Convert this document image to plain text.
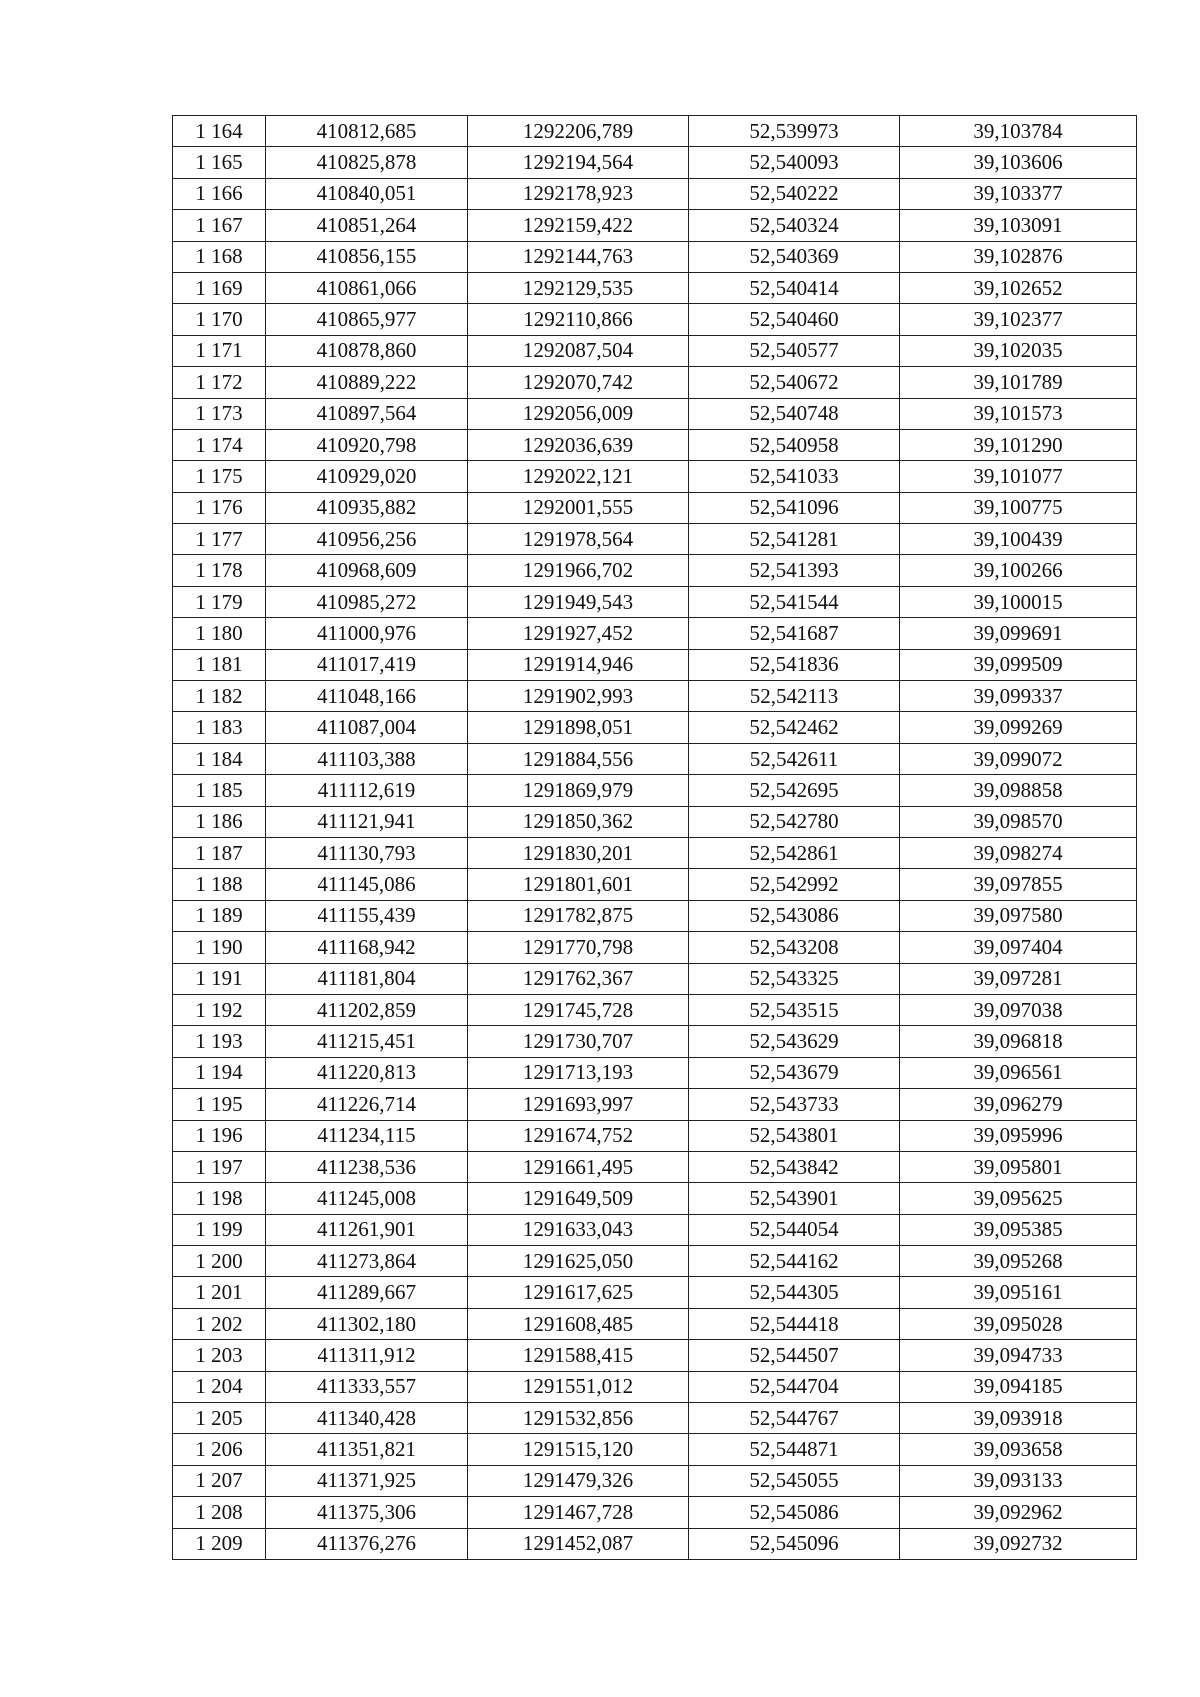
1 164	410812,685	1292206,789	52,539973	39,103784
1 165	410825,878	1292194,564	52,540093	39,103606
1 166	410840,051	1292178,923	52,540222	39,103377
1 167	410851,264	1292159,422	52,540324	39,103091
1 168	410856,155	1292144,763	52,540369	39,102876
1 169	410861,066	1292129,535	52,540414	39,102652
1 170	410865,977	1292110,866	52,540460	39,102377
1 171	410878,860	1292087,504	52,540577	39,102035
1 172	410889,222	1292070,742	52,540672	39,101789
1 173	410897,564	1292056,009	52,540748	39,101573
1 174	410920,798	1292036,639	52,540958	39,101290
1 175	410929,020	1292022,121	52,541033	39,101077
1 176	410935,882	1292001,555	52,541096	39,100775
1 177	410956,256	1291978,564	52,541281	39,100439
1 178	410968,609	1291966,702	52,541393	39,100266
1 179	410985,272	1291949,543	52,541544	39,100015
1 180	411000,976	1291927,452	52,541687	39,099691
1 181	411017,419	1291914,946	52,541836	39,099509
1 182	411048,166	1291902,993	52,542113	39,099337
1 183	411087,004	1291898,051	52,542462	39,099269
1 184	411103,388	1291884,556	52,542611	39,099072
1 185	411112,619	1291869,979	52,542695	39,098858
1 186	411121,941	1291850,362	52,542780	39,098570
1 187	411130,793	1291830,201	52,542861	39,098274
1 188	411145,086	1291801,601	52,542992	39,097855
1 189	411155,439	1291782,875	52,543086	39,097580
1 190	411168,942	1291770,798	52,543208	39,097404
1 191	411181,804	1291762,367	52,543325	39,097281
1 192	411202,859	1291745,728	52,543515	39,097038
1 193	411215,451	1291730,707	52,543629	39,096818
1 194	411220,813	1291713,193	52,543679	39,096561
1 195	411226,714	1291693,997	52,543733	39,096279
1 196	411234,115	1291674,752	52,543801	39,095996
1 197	411238,536	1291661,495	52,543842	39,095801
1 198	411245,008	1291649,509	52,543901	39,095625
1 199	411261,901	1291633,043	52,544054	39,095385
1 200	411273,864	1291625,050	52,544162	39,095268
1 201	411289,667	1291617,625	52,544305	39,095161
1 202	411302,180	1291608,485	52,544418	39,095028
1 203	411311,912	1291588,415	52,544507	39,094733
1 204	411333,557	1291551,012	52,544704	39,094185
1 205	411340,428	1291532,856	52,544767	39,093918
1 206	411351,821	1291515,120	52,544871	39,093658
1 207	411371,925	1291479,326	52,545055	39,093133
1 208	411375,306	1291467,728	52,545086	39,092962
1 209	411376,276	1291452,087	52,545096	39,092732
